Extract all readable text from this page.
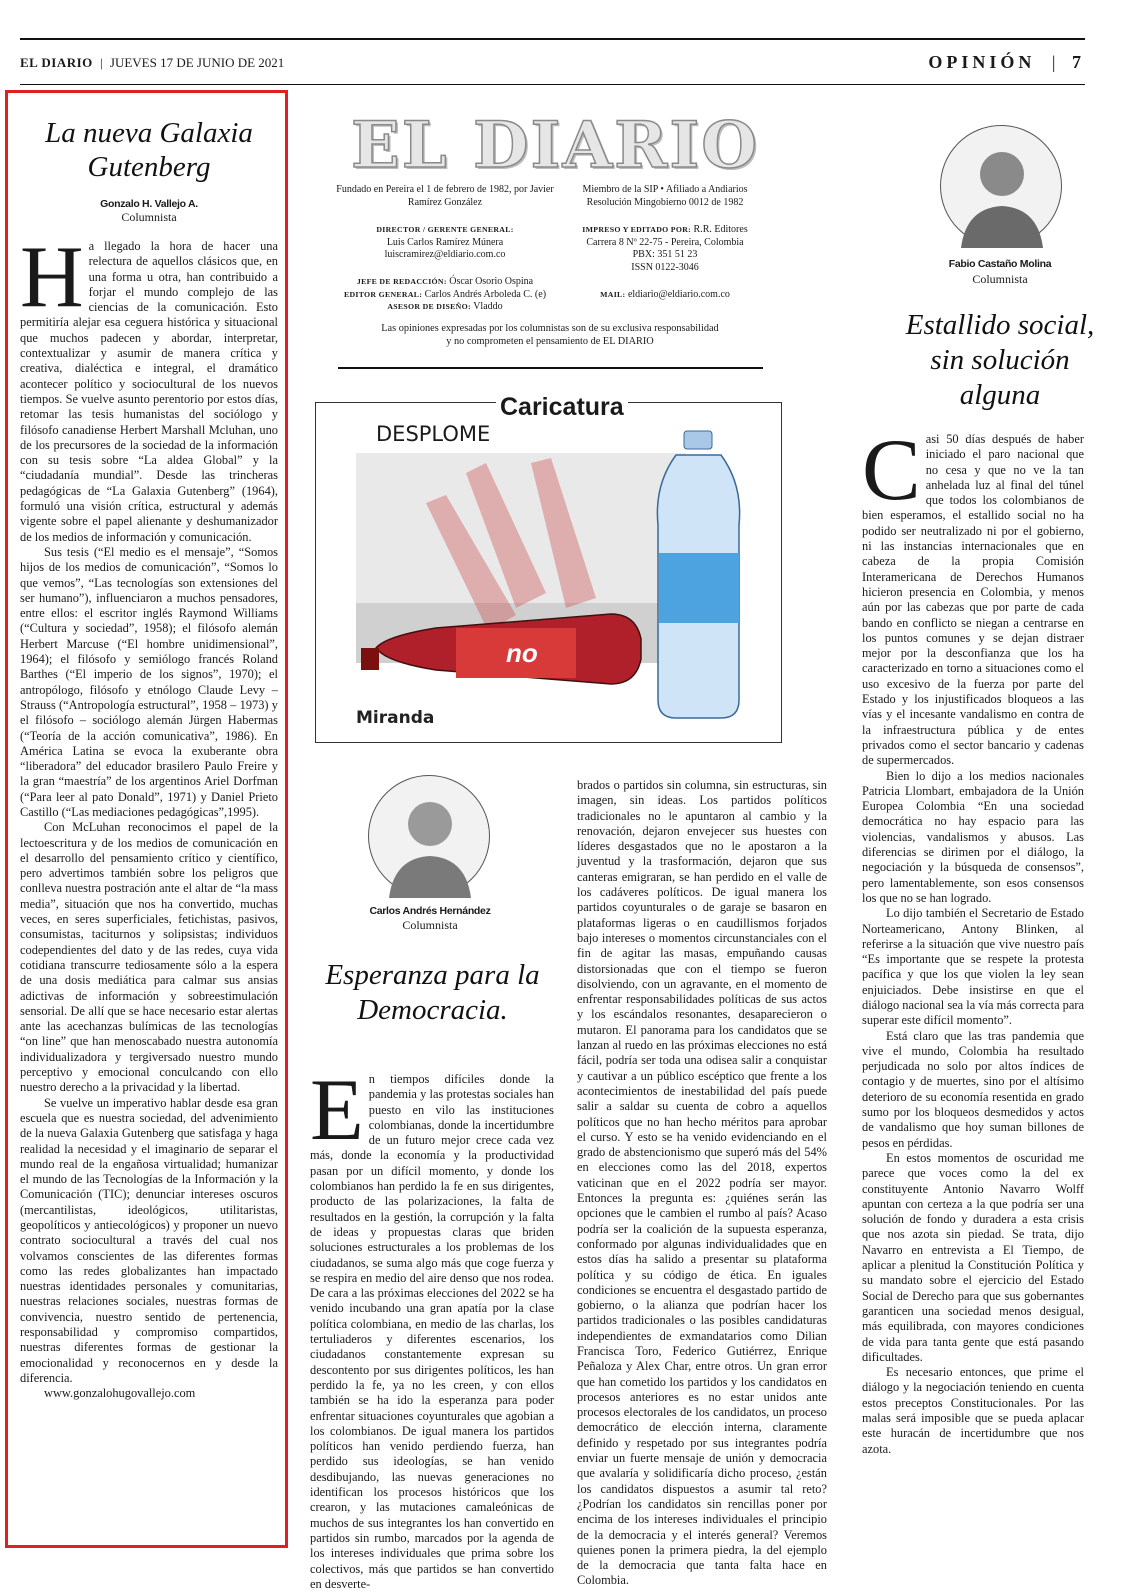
EL DIARIO | JUEVES 17 DE JUNIO DE 2021	OPINIÓN | 7
La nueva Galaxia
Gutenberg
Gonzalo H. Vallejo A.
Columnista

Ha llegado la hora de hacer una relectura de aquellos clásicos que, en una forma u otra, han contribuido a forjar el mundo complejo de las ciencias de la comunicación. Esto permitiría alejar esa ceguera histórica y situacional que muchos padecen y abordar, interpretar, contextualizar y asumir de manera crítica y creativa, dialéctica e integral, el dramático acontecer político y sociocultural de los nuevos tiempos. Se vuelve asunto perentorio por estos días, retomar las tesis humanistas del sociólogo y filósofo canadiense Herbert Marshall Mcluhan, uno de los precursores de la sociedad de la información con su tesis sobre “La aldea Global” y la “ciudadanía mundial”. Desde las trincheras pedagógicas de “La Galaxia Gutenberg” (1964), formuló una visión crítica, estructural y además vigente sobre el papel alienante y deshumanizador de los medios de información y comunicación.

Sus tesis (“El medio es el mensaje”, “Somos hijos de los medios de comunicación”, “Somos lo que vemos”, “Las tecnologías son extensiones del ser humano”), influenciaron a muchos pensadores, entre ellos: el escritor inglés Raymond Williams (“Cultura y sociedad”, 1958); el filósofo alemán Herbert Marcuse (“El hombre unidimensional”, 1964); el filósofo y semiólogo francés Roland Barthes (“El imperio de los signos”, 1970); el antropólogo, filósofo y etnólogo Claude Levy – Strauss (“Antropología estructural”, 1958 – 1973) y el filósofo – sociólogo alemán Jürgen Habermas (“Teoría de la acción comunicativa”, 1986). En América Latina se evoca la exuberante obra “liberadora” del educador brasilero Paulo Freire y la gran “maestría” de los argentinos Ariel Dorfman (“Para leer al pato Donald”, 1971) y Daniel Prieto Castillo (“Las mediaciones pedagógicas”,1995).

Con McLuhan reconocimos el papel de la lectoescritura y de los medios de comunicación en el desarrollo del pensamiento crítico y científico, pero advertimos también sobre los peligros que conlleva nuestra postración ante el altar de “la mass media”, situación que nos ha convertido, muchas veces, en seres superficiales, fetichistas, pasivos, consumistas, taciturnos y solipsistas; individuos codependientes del dato y de las redes, cuya vida cotidiana transcurre tediosamente sólo a la espera de una dosis mediática para calmar sus ansias adictivas de información y sobreestimulación sensorial. De allí que se hace necesario estar alertas ante las acechanzas bulímicas de las tecnologías “on line” que han menoscabado nuestra autonomía individualizadora y tergiversado nuestro mundo perceptivo y emocional conculcando con ello nuestro derecho a la privacidad y la libertad.

Se vuelve un imperativo hablar desde esa gran escuela que es nuestra sociedad, del advenimiento de la nueva Galaxia Gutenberg que satisfaga y haga realidad la necesidad y el imaginario de separar el mundo real de la engañosa virtualidad; humanizar el mundo de las Tecnologías de la Información y la Comunicación (TIC); denunciar intereses oscuros (mercantilistas, ideológicos, utilitaristas, geopolíticos y antiecológicos) y proponer un nuevo contrato sociocultural a través del cual nos volvamos conscientes de las diferentes formas como las redes globalizantes han impactado nuestras identidades personales y comunitarias, nuestras relaciones sociales, nuestras formas de convivencia, nuestro sentido de pertenencia, responsabilidad y compromiso compartidos, nuestras diferentes formas de gestionar la emocionalidad y reconocernos en y desde la diferencia.

www.gonzalohugovallejo.com

EL DIARIO
Fundado en Pereira el 1 de febrero de 1982, por Javier Ramírez González
Miembro de la SIP • Afiliado a Andiarios Resolución Mingobierno 0012 de 1982
DIRECTOR / GERENTE GENERAL:
Luis Carlos Ramírez Múnera
luiscramirez@eldiario.com.co
IMPRESO Y EDITADO POR: R.R. Editores
Carrera 8 Nº 22-75 - Pereira, Colombia
PBX: 351 51 23
ISSN 0122-3046
JEFE DE REDACCIÓN: Óscar Osorio Ospina
EDITOR GENERAL: Carlos Andrés Arboleda C. (e)
ASESOR DE DISEÑO: Vladdo
MAIL: eldiario@eldiario.com.co
Las opiniones expresadas por los columnistas son de su exclusiva responsabilidad
y no comprometen el pensamiento de EL DIARIO
Caricatura
DESPLOME
no
Miranda
Carlos Andrés Hernández
Columnista
Esperanza para la
Democracia.

En tiempos difíciles donde la pandemia y las protestas sociales han puesto en vilo las instituciones colombianas, donde la incertidumbre de un futuro mejor crece cada vez más, donde la economía y la productividad pasan por un difícil momento, y donde los colombianos han perdido la fe en sus dirigentes, producto de las polarizaciones, la falta de resultados en la gestión, la corrupción y la falta de ideas y propuestas claras que briden soluciones estructurales a los problemas de los ciudadanos, se suma algo más que coge fuerza y se respira en medio del aire denso que nos rodea. De cara a las próximas elecciones del 2022 se ha venido incubando una gran apatía por la clase política colombiana, en medio de las charlas, los tertuliaderos y diferentes escenarios, los ciudadanos constantemente expresan su descontento por sus dirigentes políticos, les han perdido la fe, ya no les creen, y con ellos también se ha ido la esperanza para poder enfrentar situaciones coyunturales que agobian a los colombianos. De igual manera los partidos políticos han venido perdiendo fuerza, han perdido sus ideologías, se han venido desdibujando, las nuevas generaciones no identifican los procesos históricos que los crearon, y las mutaciones camaleónicas de muchos de sus integrantes los han convertido en partidos sin rumbo, marcados por la agenda de los intereses individuales que prima sobre los colectivos, más que partidos se han convertido en desverte-

brados o partidos sin columna, sin estructuras, sin imagen, sin ideas. Los partidos políticos tradicionales no le apuntaron al cambio y la renovación, dejaron envejecer sus huestes con líderes desgastados que no le apostaron a la juventud y la trasformación, dejaron que sus canteras emigraran, se han perdido en el valle de los cadáveres políticos. De igual manera los partidos coyunturales o de garaje se basaron en plataformas ligeras o en caudillismos forjados bajo intereses o momentos circunstanciales con el fin de agitar las masas, empuñando causas distorsionadas que con el tiempo se fueron disolviendo, con un agravante, en el momento de enfrentar responsabilidades políticas de sus actos y los escándalos resonantes, desaparecieron o mutaron. El panorama para los candidatos que se lanzan al ruedo en las próximas elecciones no está fácil, podría ser toda una odisea salir a conquistar y cautivar a un público escéptico que frente a los acontecimientos de inestabilidad del país puede salir a saldar su cuenta de cobro a aquellos políticos que no han hecho méritos para aprobar el curso. Y esto se ha venido evidenciando en el grado de abstencionismo que superó más del 54% en elecciones como las del 2018, expertos vaticinan que en el 2022 podría ser mayor. Entonces la pregunta es: ¿quiénes serán las opciones que le cambien el rumbo al país? Acaso podría ser la coalición de la supuesta esperanza, conformado por algunas individualidades que en estos días ha salido a presentar su plataforma política y su código de ética. En iguales condiciones se encuentra el desgastado partido de gobierno, o la alianza que podrían hacer los partidos tradicionales o las posibles candidaturas independientes de exmandatarios como Dilian Francisca Toro, Federico Gutiérrez, Enrique Peñaloza y Alex Char, entre otros. Un gran error que han cometido los partidos y los candidatos en procesos anteriores es no estar unidos ante procesos electorales de los candidatos, un proceso democrático de elección interna, claramente definido y respetado por sus integrantes podría enviar un fuerte mensaje de unión y democracia que avalaría y solidificaría dicho proceso, ¿están los candidatos dispuestos a asumir tal reto? ¿Podrían los candidatos sin rencillas poner por encima de los intereses individuales el principio de la democracia y el interés general? Veremos quienes ponen la primera piedra, la del ejemplo de la democracia que tanta falta hace en Colombia.

Fabio Castaño Molina
Columnista
Estallido social,
sin solución
alguna

Casi 50 días después de haber iniciado el paro nacional que no cesa y que no ve la tan anhelada luz al final del túnel que todos los colombianos de bien esperamos, el estallido social no ha podido ser neutralizado ni por el gobierno, ni las instancias internacionales que en cabeza de la propia Comisión Interamericana de Derechos Humanos hicieron presencia en Colombia, y menos aún por las cabezas que por parte de cada bando en conflicto se niegan a centrarse en los puntos comunes y se dejan distraer mejor por la desconfianza que los ha caracterizado en torno a situaciones como el uso excesivo de la fuerza por parte del Estado y los injustificados bloqueos a las vías y el incesante vandalismo en contra de la infraestructura pública y de entes privados como el sector bancario y cadenas de supermercados.

Bien lo dijo a los medios nacionales Patricia Llombart, embajadora de la Unión Europea Colombia “En una sociedad democrática no hay espacio para las violencias, vandalismos y abusos. Las diferencias se dirimen por el diálogo, la negociación y la búsqueda de consensos”, pero lamentablemente, son esos consensos los que no se han logrado.

Lo dijo también el Secretario de Estado Norteamericano, Antony Blinken, al referirse a la situación que vive nuestro país “Es importante que se respete la protesta pacífica y que los que violen la ley sean enjuiciados. Debe insistirse en que el diálogo nacional sea la vía más correcta para superar este difícil momento”.

Está claro que las tras pandemia que vive el mundo, Colombia ha resultado perjudicada no solo por altos índices de contagio y de muertes, sino por el altísimo deterioro de su economía resentida en grado sumo por los bloqueos desmedidos y actos de vandalismo que hoy suman billones de pesos en pérdidas.

En estos momentos de oscuridad me parece que voces como la del ex constituyente Antonio Navarro Wolff apuntan con certeza a la que podría ser una solución de fondo y duradera a esta crisis que nos azota sin piedad. Se trata, dijo Navarro en entrevista a El Tiempo, de aplicar a plenitud la Constitución Política y su mandato sobre el ejercicio del Estado Social de Derecho para que sus gobernantes garanticen una sociedad menos desigual, más equilibrada, con mayores condiciones de vida para tanta gente que está pasando dificultades.

Es necesario entonces, que prime el diálogo y la negociación teniendo en cuenta estos preceptos Constitucionales. Por las malas será imposible que se pueda aplacar este huracán de incertidumbre que nos azota.
